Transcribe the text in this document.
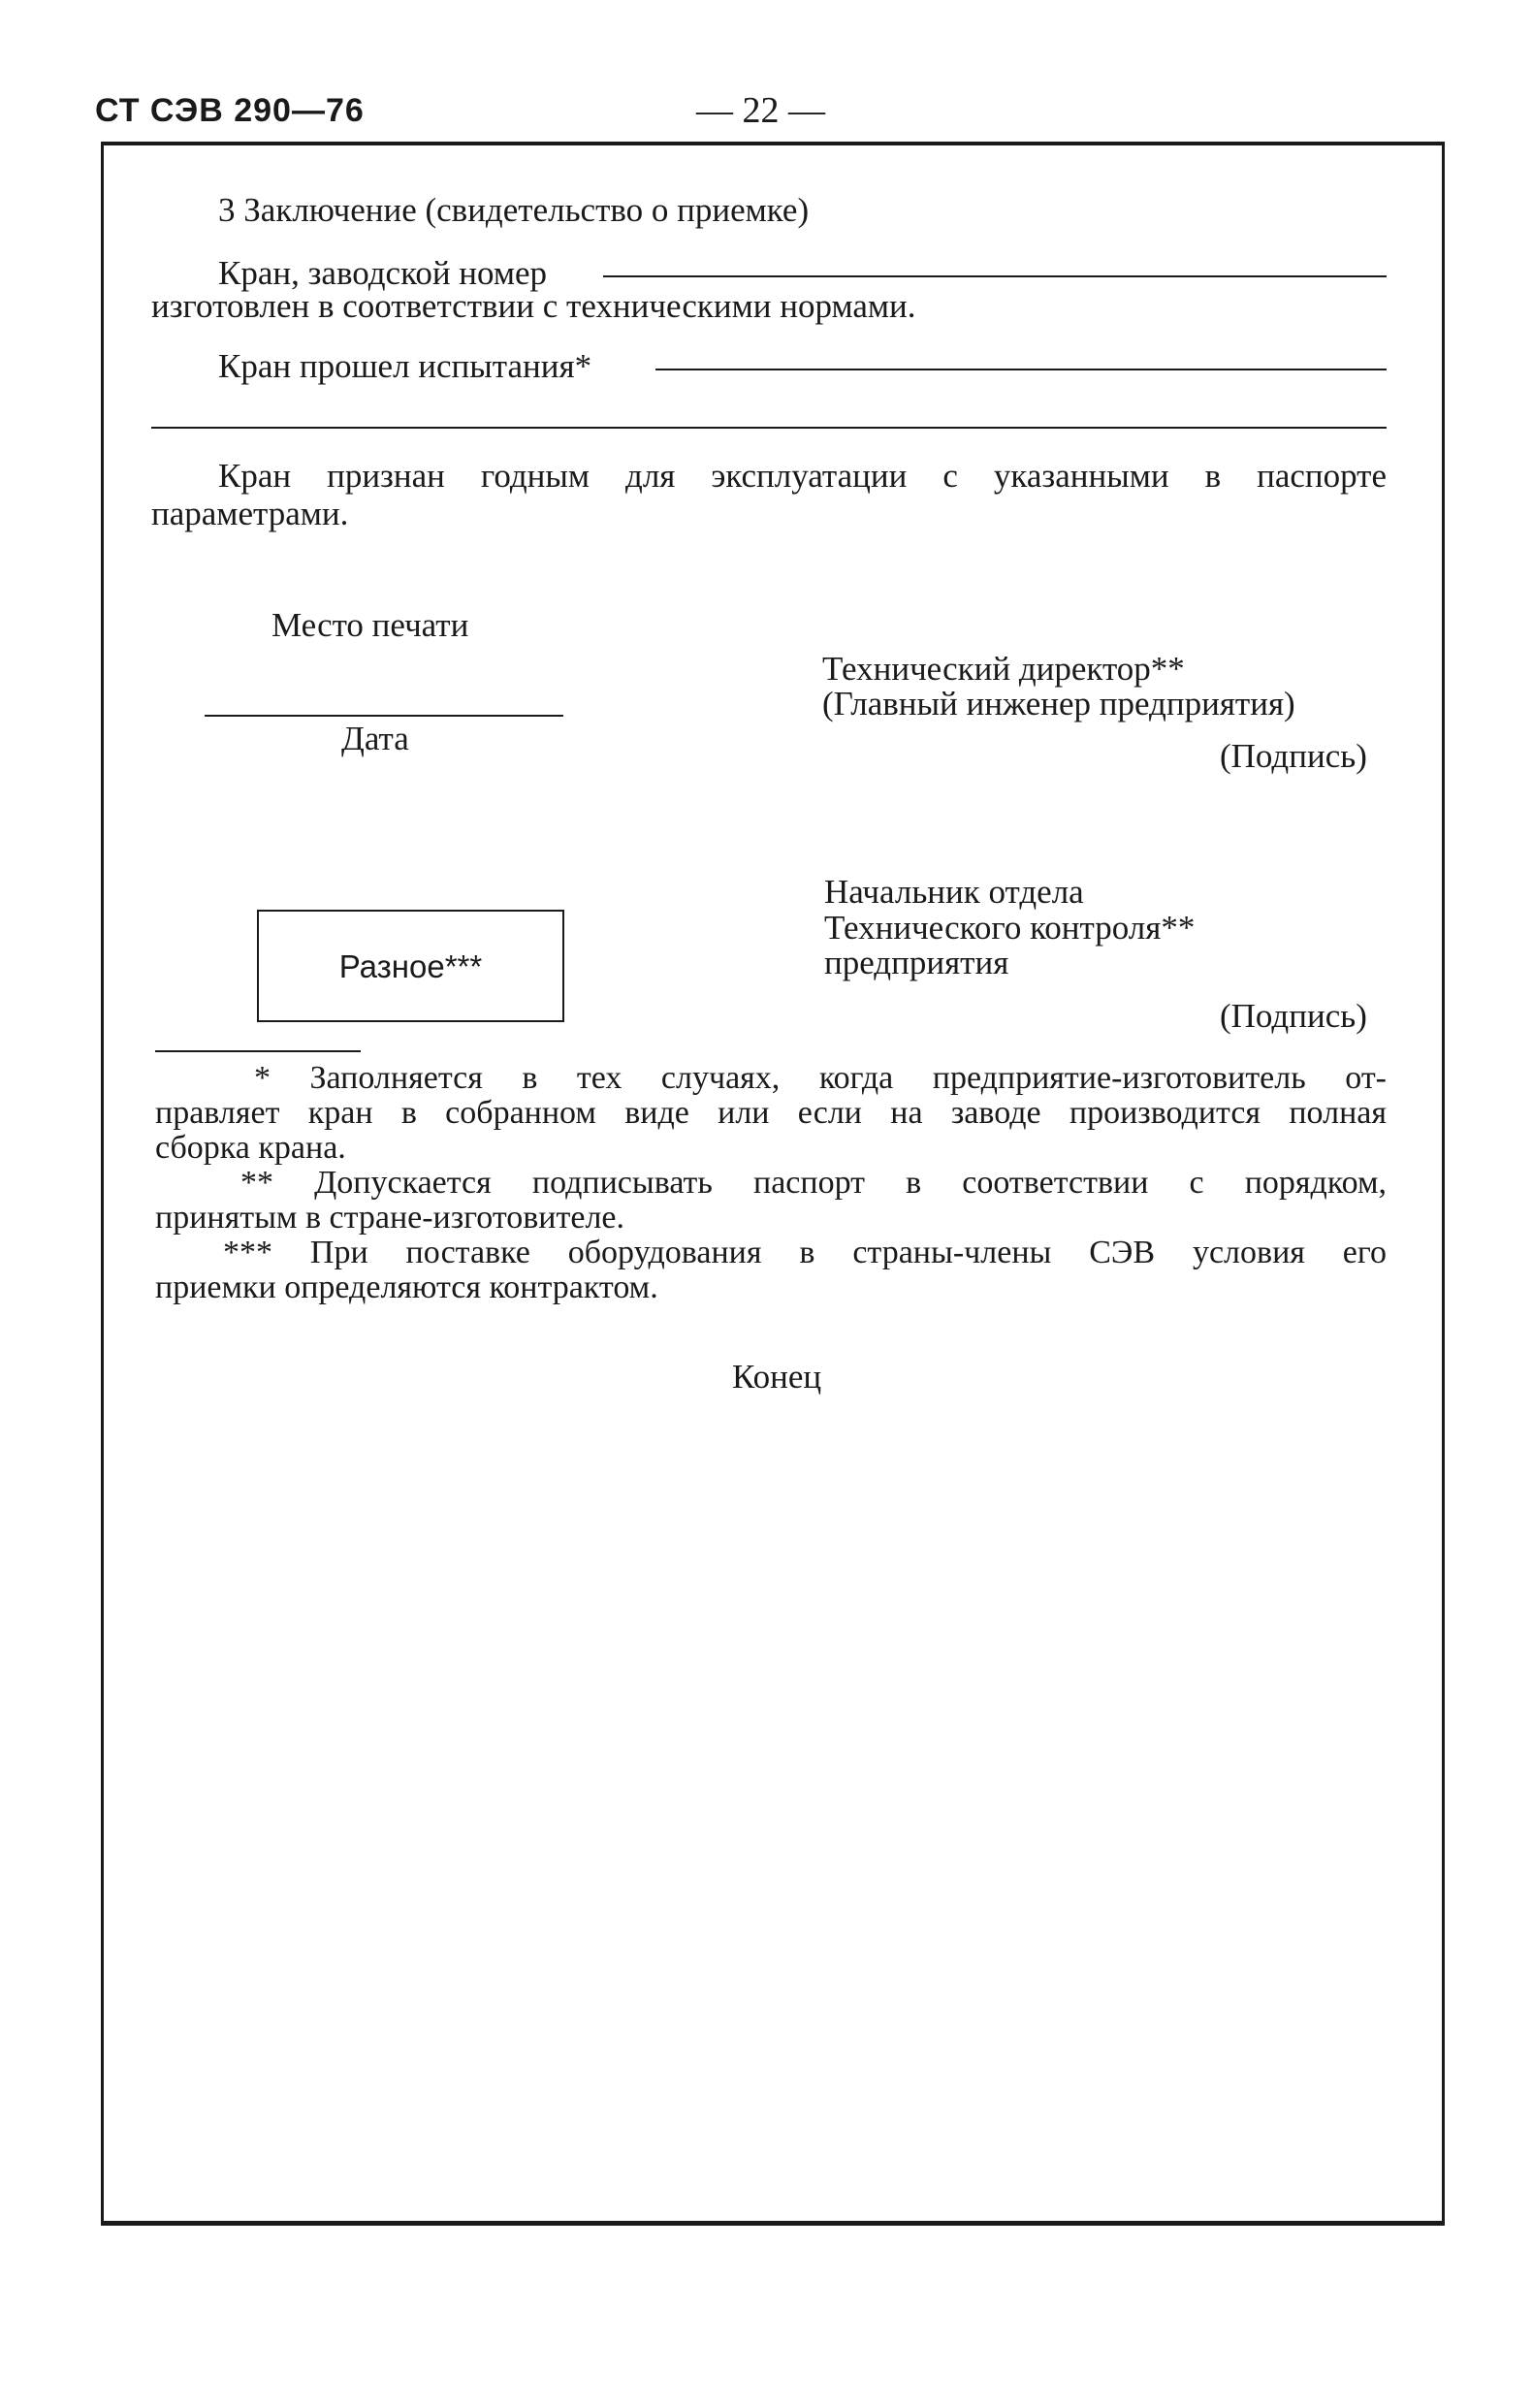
СТ СЭВ 290—76	— 22 —
3 Заключение (свидетельство о приемке)
Кран, заводской номер
изготовлен в соответствии с техническими нормами.
Кран прошел испытания*
Кран признан годным для эксплуатации с указанными в паспорте
параметрами.
Место печати
Дата
Технический директор**
(Главный инженер предприятия)
(Подпись)
Разное***
Начальник отдела
Технического контроля**
предприятия
(Подпись)
* Заполняется в тех случаях, когда предприятие-изготовитель от-
правляет кран в собранном виде или если на заводе производится полная
сборка крана.
** Допускается подписывать паспорт в соответствии с порядком,
принятым в стране-изготовителе.
*** При поставке оборудования в страны-члены СЭВ условия его
приемки определяются контрактом.
Конец
